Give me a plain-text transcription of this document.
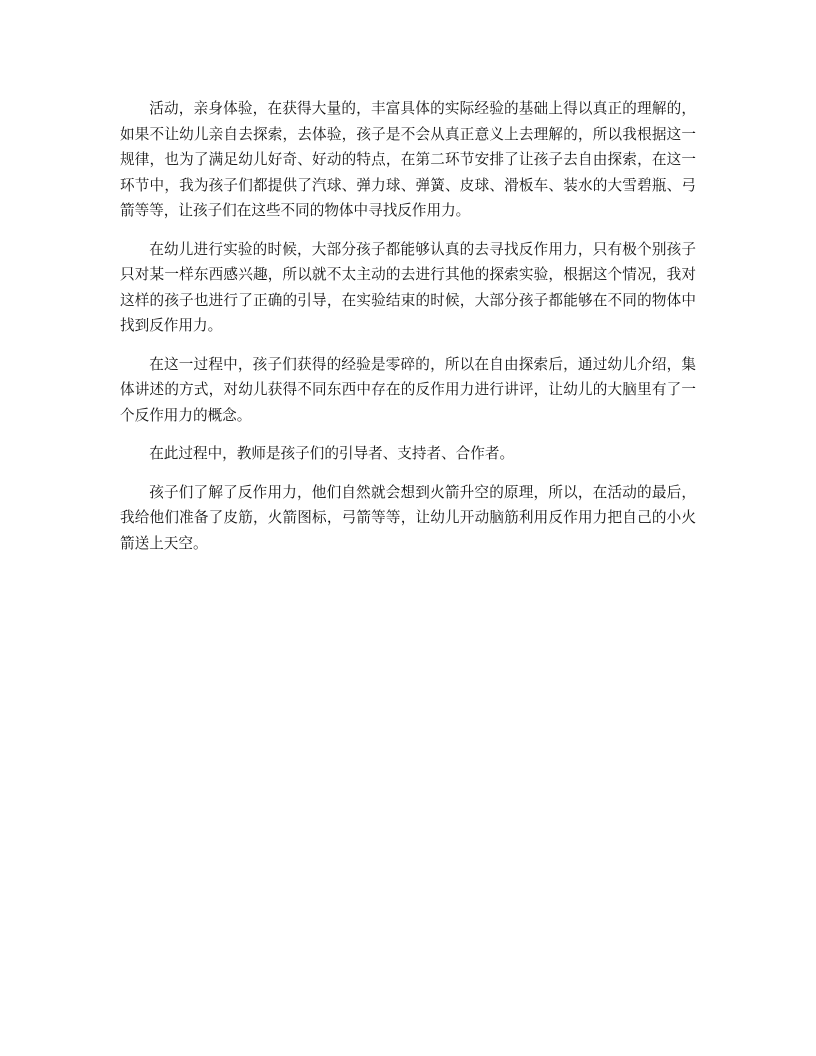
活动，亲身体验，在获得大量的，丰富具体的实际经验的基础上得以真正的理解的，如果不让幼儿亲自去探索，去体验，孩子是不会从真正意义上去理解的，所以我根据这一规律，也为了满足幼儿好奇、好动的特点，在第二环节安排了让孩子去自由探索，在这一环节中，我为孩子们都提供了汽球、弹力球、弹簧、皮球、滑板车、装水的大雪碧瓶、弓箭等等，让孩子们在这些不同的物体中寻找反作用力。

在幼儿进行实验的时候，大部分孩子都能够认真的去寻找反作用力，只有极个别孩子只对某一样东西感兴趣，所以就不太主动的去进行其他的探索实验，根据这个情况，我对这样的孩子也进行了正确的引导，在实验结束的时候，大部分孩子都能够在不同的物体中找到反作用力。

在这一过程中，孩子们获得的经验是零碎的，所以在自由探索后，通过幼儿介绍，集体讲述的方式，对幼儿获得不同东西中存在的反作用力进行讲评，让幼儿的大脑里有了一个反作用力的概念。

在此过程中，教师是孩子们的引导者、支持者、合作者。

孩子们了解了反作用力，他们自然就会想到火箭升空的原理，所以，在活动的最后，我给他们准备了皮筋，火箭图标，弓箭等等，让幼儿开动脑筋利用反作用力把自己的小火箭送上天空。
